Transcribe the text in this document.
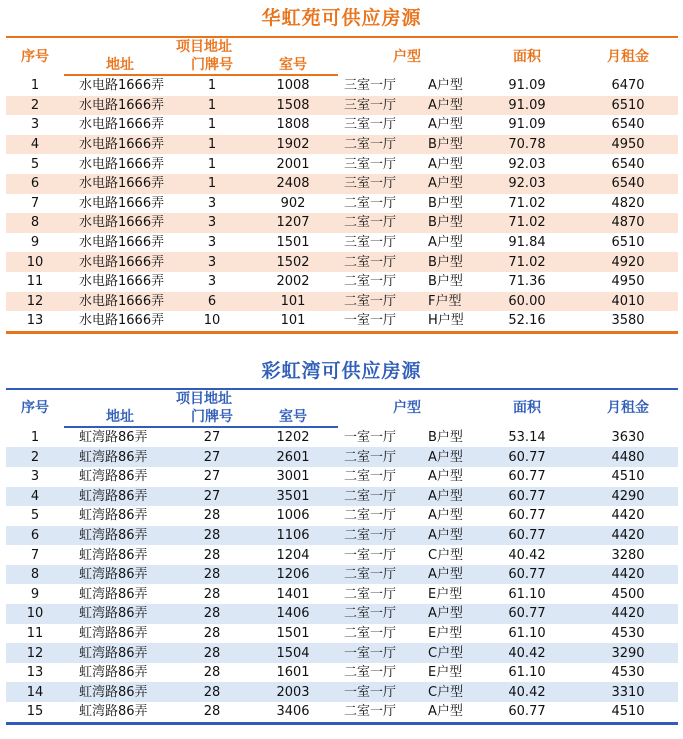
华虹苑可供应房源
序号	项目地址			户型		面积	月租金
	地址	门牌号	室号				
1	水电路1666弄	1	1008	三室一厅	A户型	91.09	6470
2	水电路1666弄	1	1508	三室一厅	A户型	91.09	6510
3	水电路1666弄	1	1808	三室一厅	A户型	91.09	6540
4	水电路1666弄	1	1902	二室一厅	B户型	70.78	4950
5	水电路1666弄	1	2001	三室一厅	A户型	92.03	6540
6	水电路1666弄	1	2408	三室一厅	A户型	92.03	6540
7	水电路1666弄	3	902	二室一厅	B户型	71.02	4820
8	水电路1666弄	3	1207	二室一厅	B户型	71.02	4870
9	水电路1666弄	3	1501	三室一厅	A户型	91.84	6510
10	水电路1666弄	3	1502	二室一厅	B户型	71.02	4920
11	水电路1666弄	3	2002	二室一厅	B户型	71.36	4950
12	水电路1666弄	6	101	二室一厅	F户型	60.00	4010
13	水电路1666弄	10	101	一室一厅	H户型	52.16	3580
彩虹湾可供应房源
序号	项目地址			户型		面积	月租金
	地址	门牌号	室号				
1	虹湾路86弄	27	1202	一室一厅	B户型	53.14	3630
2	虹湾路86弄	27	2601	二室一厅	A户型	60.77	4480
3	虹湾路86弄	27	3001	二室一厅	A户型	60.77	4510
4	虹湾路86弄	27	3501	二室一厅	A户型	60.77	4290
5	虹湾路86弄	28	1006	二室一厅	A户型	60.77	4420
6	虹湾路86弄	28	1106	二室一厅	A户型	60.77	4420
7	虹湾路86弄	28	1204	一室一厅	C户型	40.42	3280
8	虹湾路86弄	28	1206	二室一厅	A户型	60.77	4420
9	虹湾路86弄	28	1401	二室一厅	E户型	61.10	4500
10	虹湾路86弄	28	1406	二室一厅	A户型	60.77	4420
11	虹湾路86弄	28	1501	二室一厅	E户型	61.10	4530
12	虹湾路86弄	28	1504	一室一厅	C户型	40.42	3290
13	虹湾路86弄	28	1601	二室一厅	E户型	61.10	4530
14	虹湾路86弄	28	2003	一室一厅	C户型	40.42	3310
15	虹湾路86弄	28	3406	二室一厅	A户型	60.77	4510
